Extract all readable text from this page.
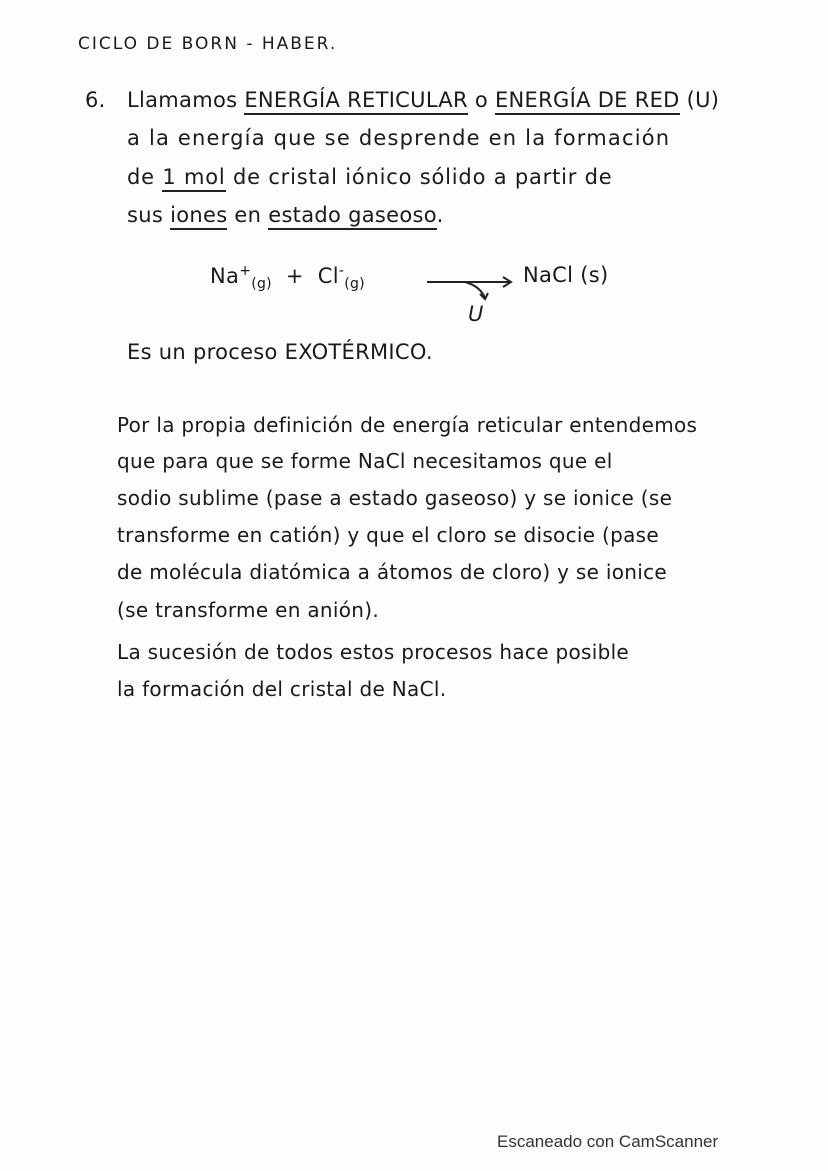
CICLO DE BORN - HABER.
6. Llamamos ENERGÍA RETICULAR o ENERGÍA DE RED (U)
a la energía que se desprende en la formación
de 1 mol de cristal iónico sólido a partir de
sus iones en estado gaseoso.
$Na^+_{(g)} + Cl^-_{(g)}$	NaCl (s)
U
Es un proceso EXOTÉRMICO.
Por la propia definición de energía reticular entendemos
que para que se forme NaCl necesitamos que el
sodio sublime (pase a estado gaseoso) y se ionice (se
transforme en catión) y que el cloro se disocie (pase
de molécula diatómica a átomos de cloro) y se ionice
(se transforme en anión).
La sucesión de todos estos procesos hace posible
la formación del cristal de NaCl.
Escaneado con CamScanner
